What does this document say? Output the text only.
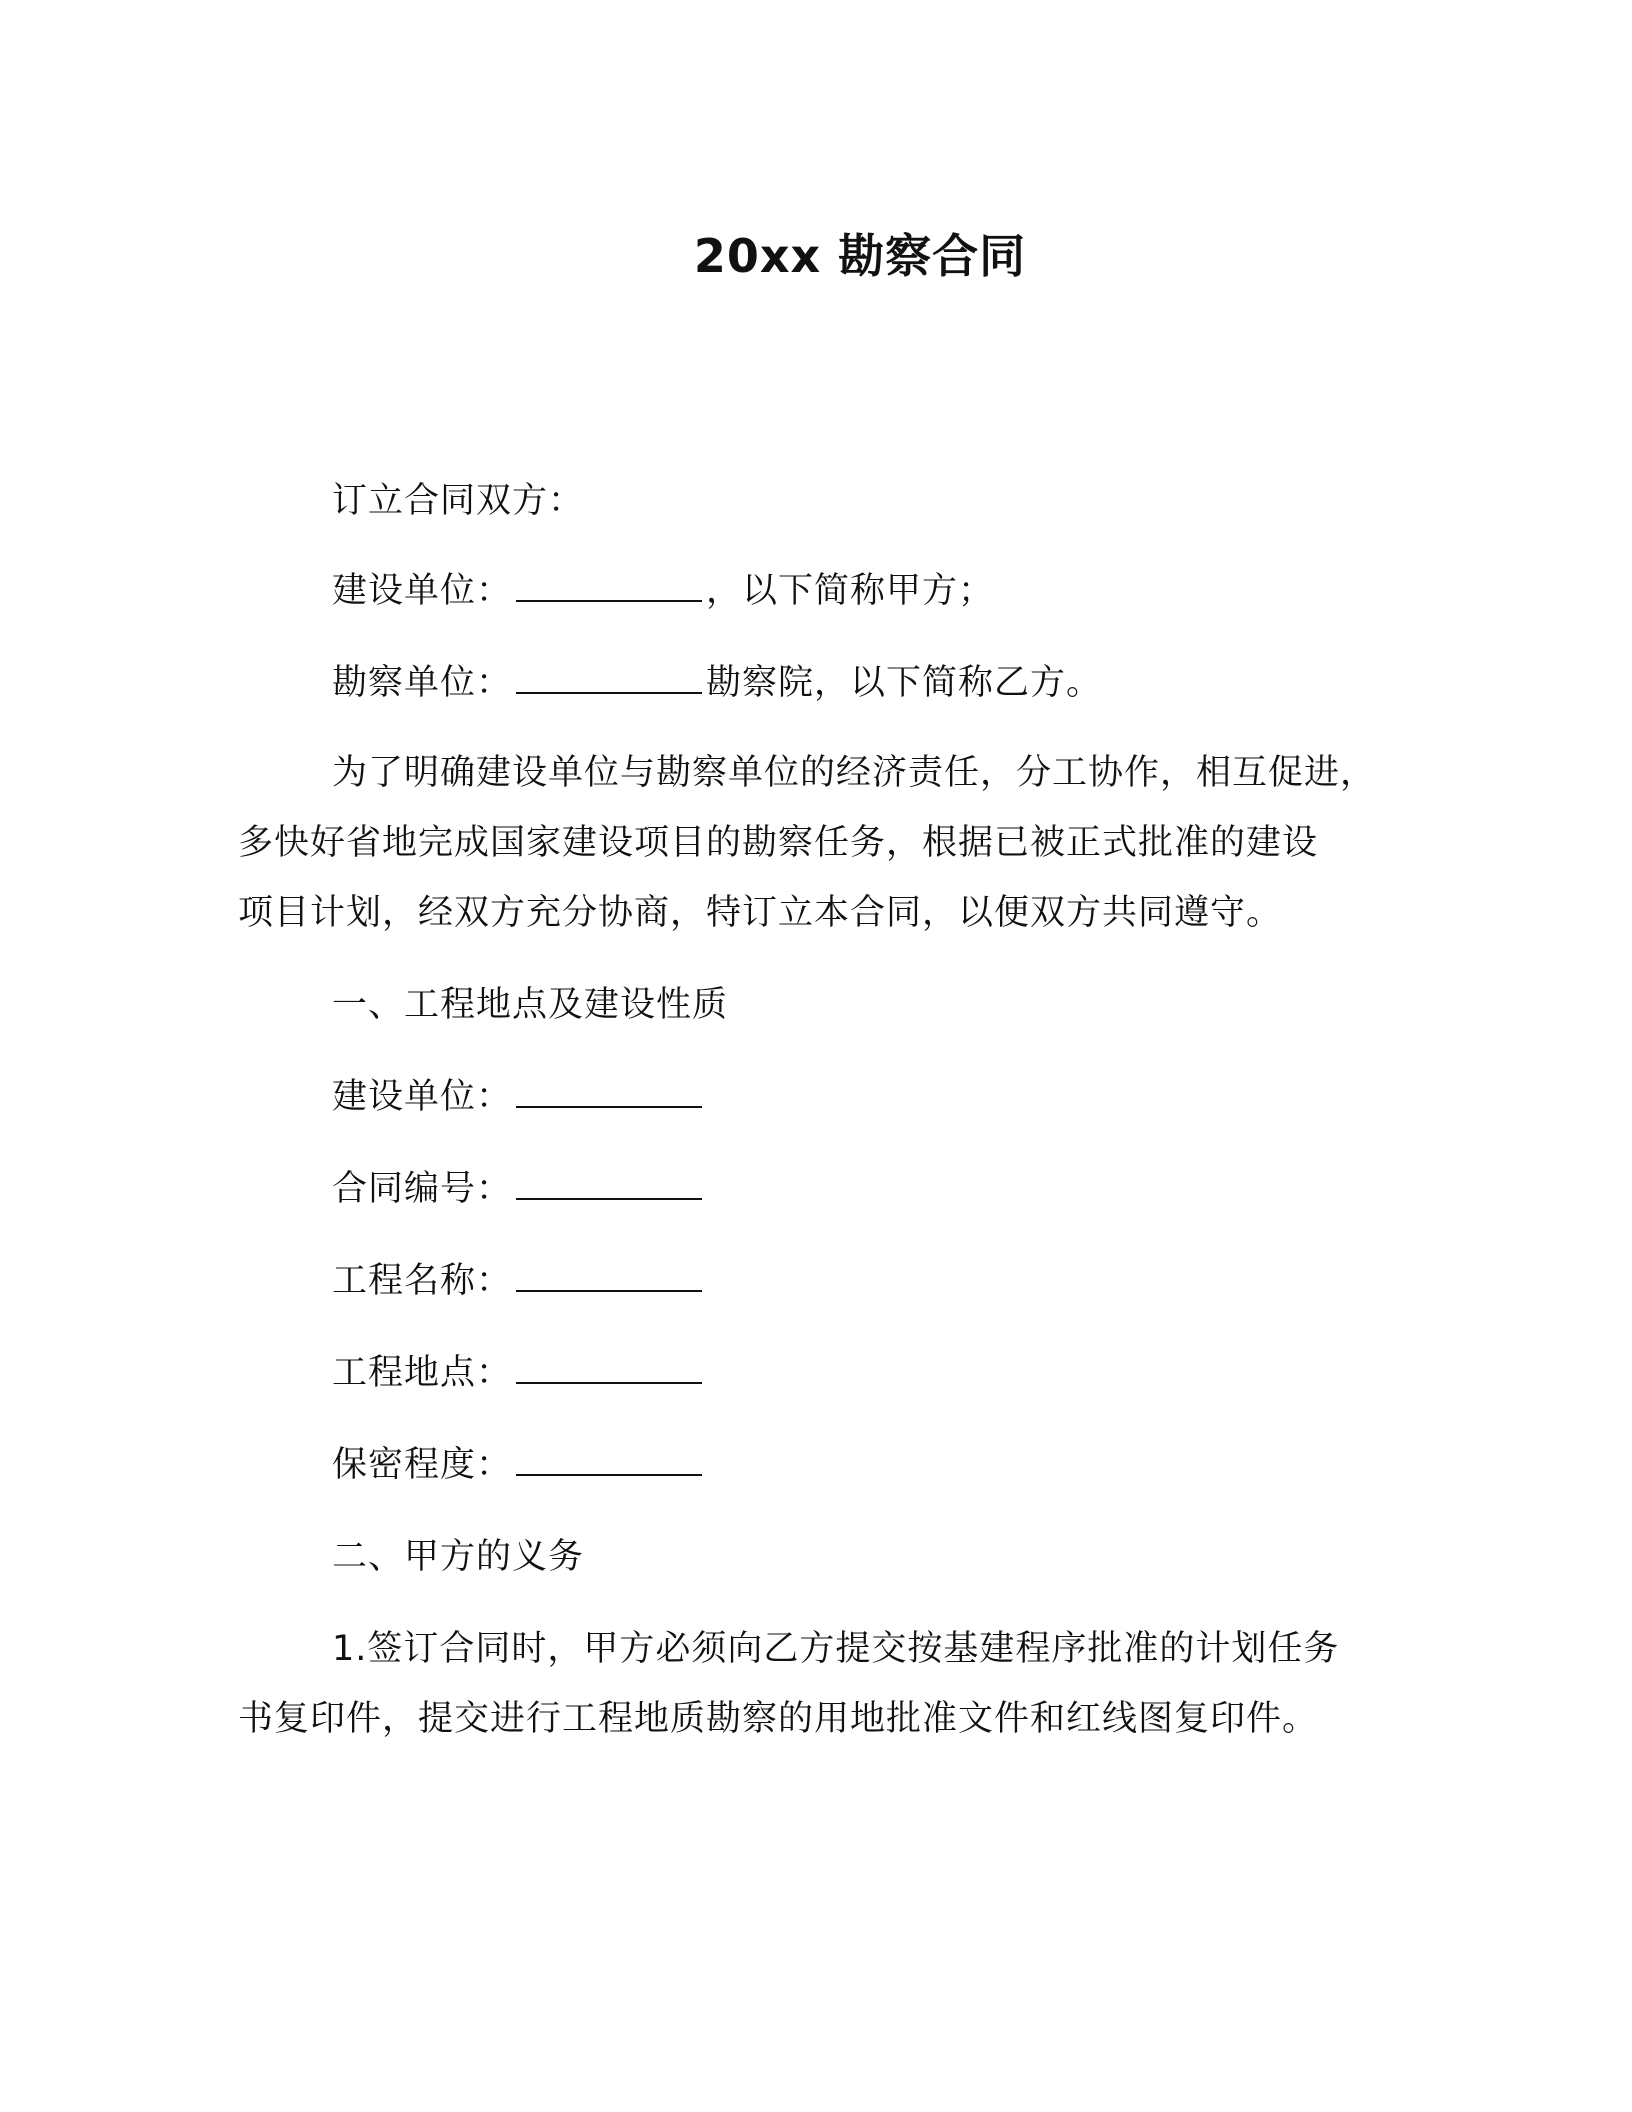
20xx 勘察合同
订立合同双方：
建设单位：	，以下简称甲方；
勘察单位：	勘察院，以下简称乙方。
为了明确建设单位与勘察单位的经济责任，分工协作，相互促进，
多快好省地完成国家建设项目的勘察任务，根据已被正式批准的建设
项目计划，经双方充分协商，特订立本合同，以便双方共同遵守。
一、工程地点及建设性质
建设单位：
合同编号：
工程名称：
工程地点：
保密程度：
二、甲方的义务
1.签订合同时，甲方必须向乙方提交按基建程序批准的计划任务
书复印件，提交进行工程地质勘察的用地批准文件和红线图复印件。
